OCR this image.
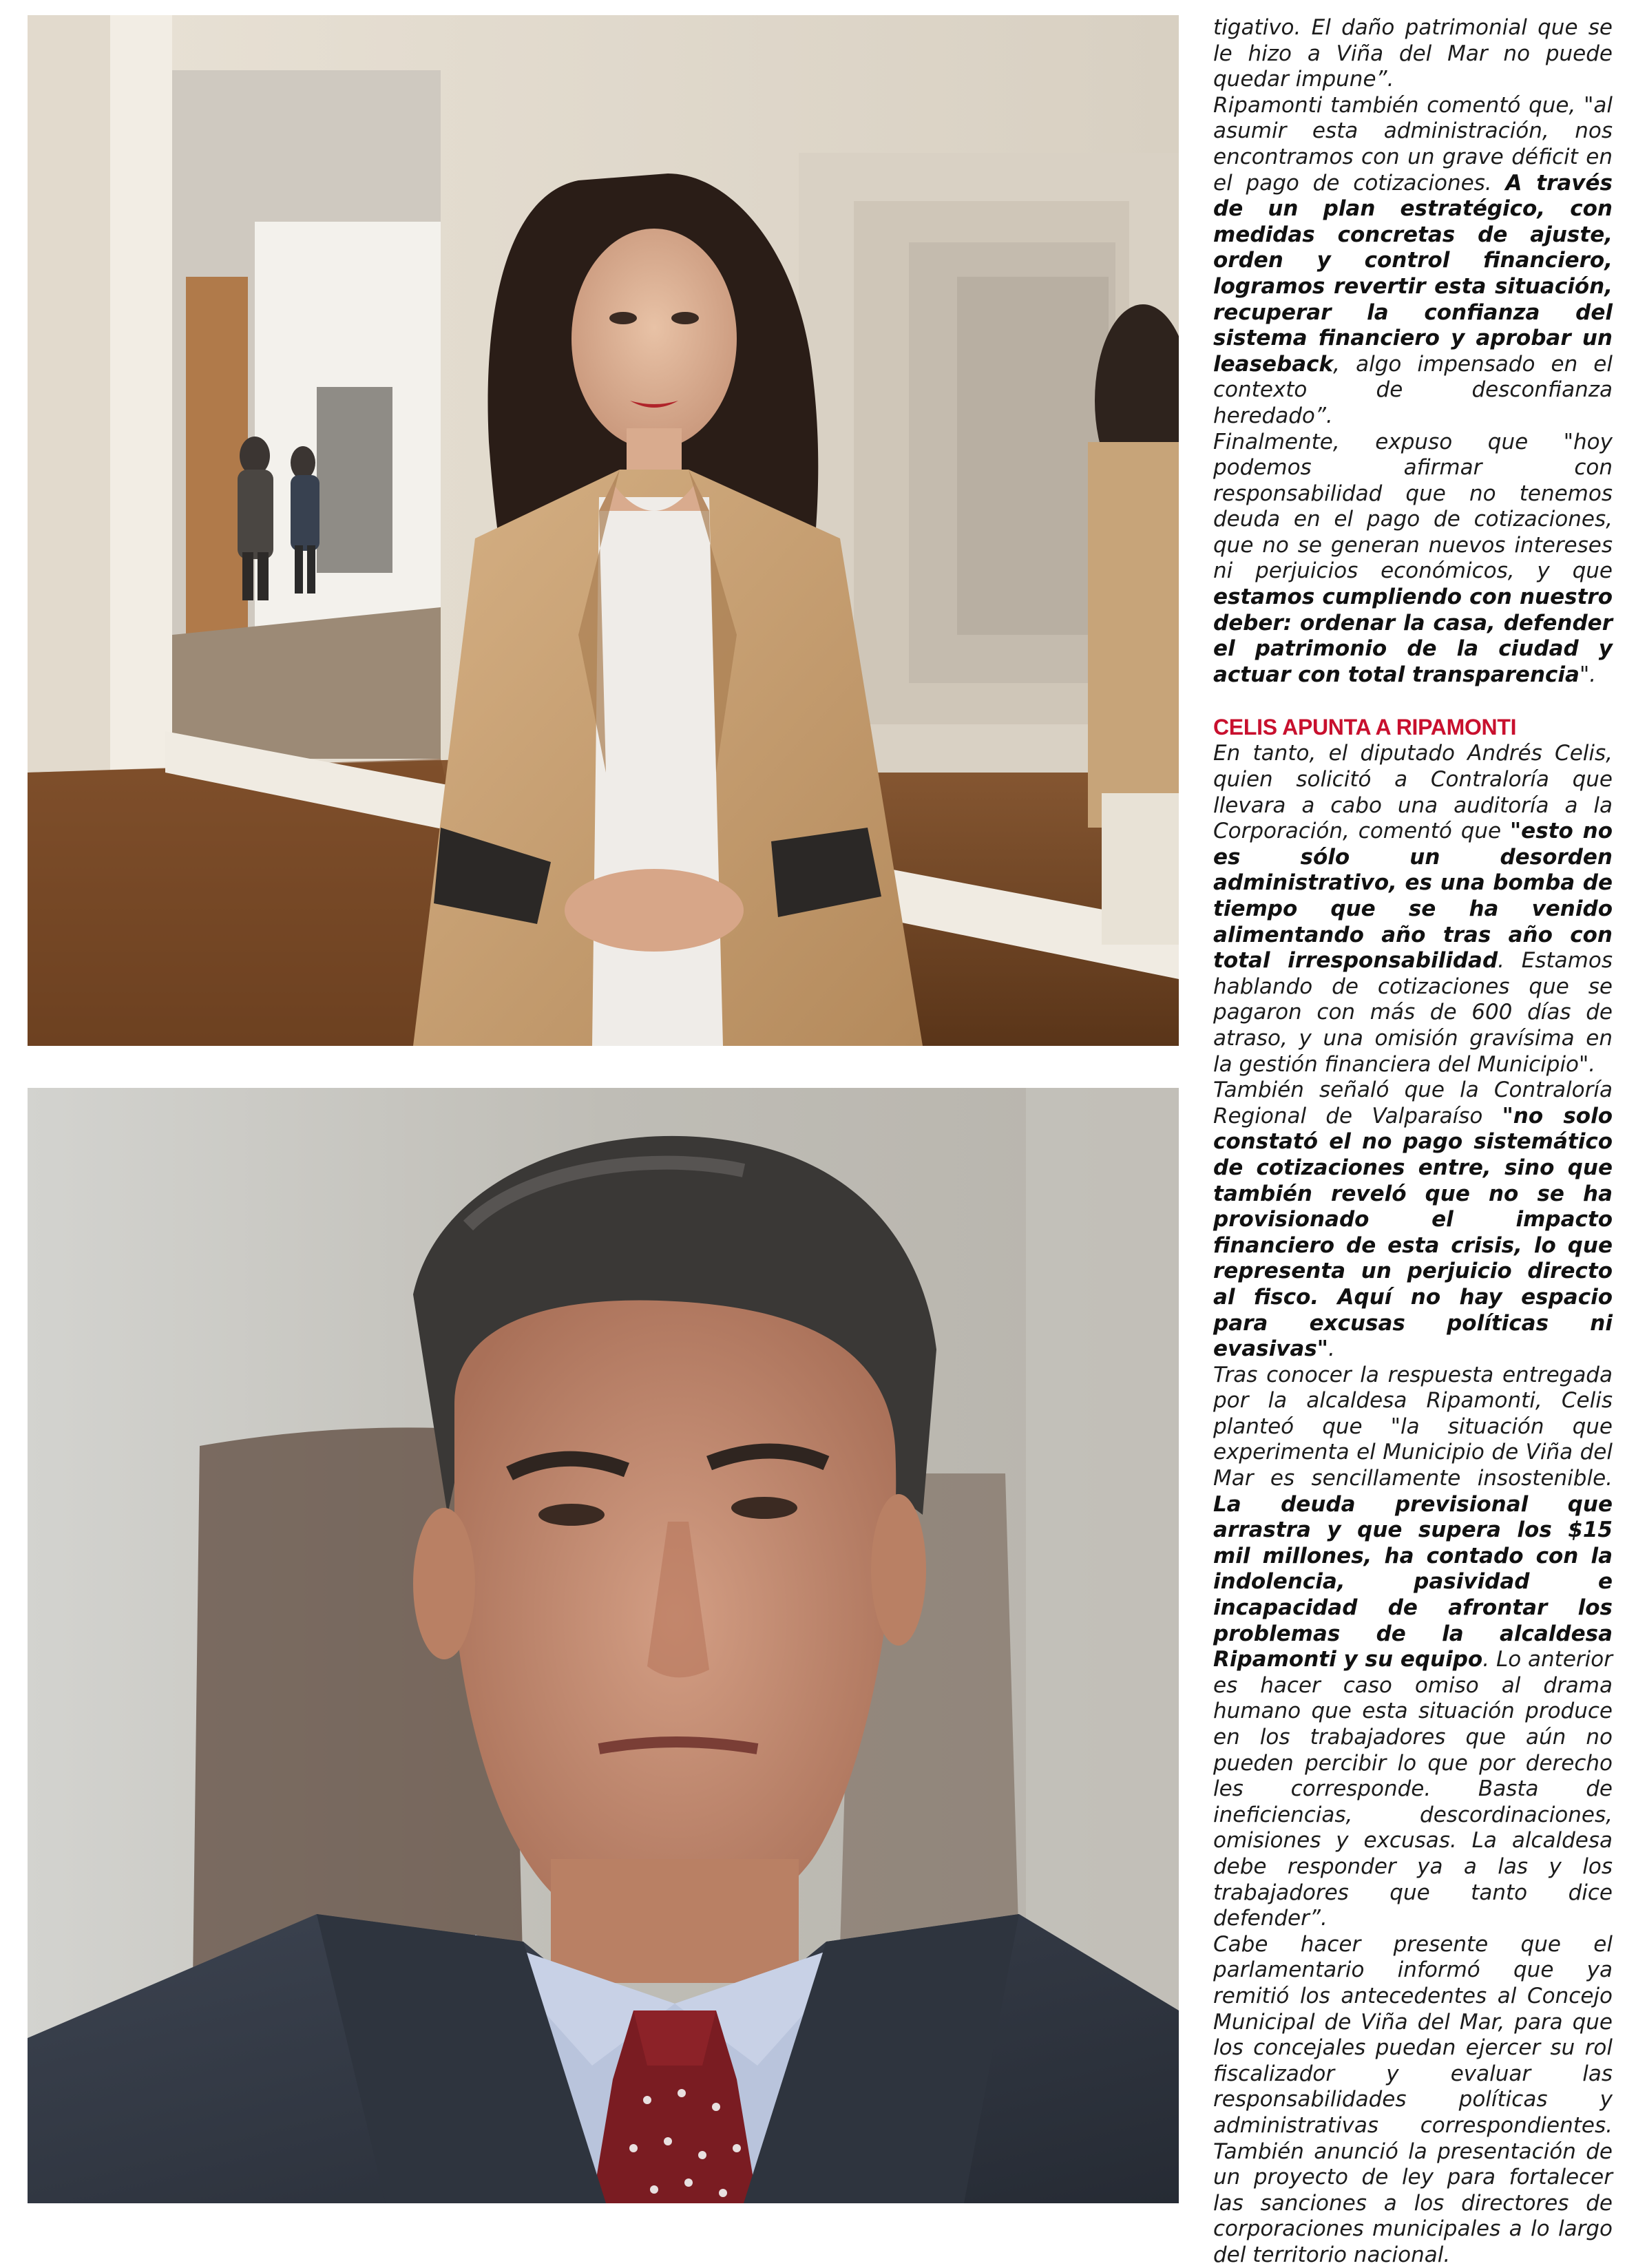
tigativo. El daño patrimonial que se le hizo a Viña del Mar no puede quedar impune”.

Ripamonti también comentó que, "al asumir esta administración, nos encontramos con un grave déficit en el pago de cotizaciones. A través de un plan estratégico, con medidas concretas de ajuste, orden y control financiero, logramos revertir esta situación, recuperar la confianza del sistema financiero y aprobar un leaseback, algo impensado en el contexto de desconfianza heredado”.

Finalmente, expuso que "hoy podemos afirmar con responsabilidad que no tenemos deuda en el pago de cotizaciones, que no se generan nuevos intereses ni perjuicios económicos, y que estamos cumpliendo con nuestro deber: ordenar la casa, defender el patrimonio de la ciudad y actuar con total transparencia".

CELIS APUNTA A RIPAMONTI

En tanto, el diputado Andrés Celis, quien solicitó a Contraloría que llevara a cabo una auditoría a la Corporación, comentó que "esto no es sólo un desorden administrativo, es una bomba de tiempo que se ha venido alimentando año tras año con total irresponsabilidad. Estamos hablando de cotizaciones que se pagaron con más de 600 días de atraso, y una omisión gravísima en la gestión financiera del Municipio".

También señaló que la Contraloría Regional de Valparaíso "no solo constató el no pago sistemático de cotizaciones entre, sino que también reveló que no se ha provisionado el impacto financiero de esta crisis, lo que representa un perjuicio directo al fisco. Aquí no hay espacio para excusas políticas ni evasivas".

Tras conocer la respuesta entregada por la alcaldesa Ripamonti, Celis planteó que "la situación que experimenta el Municipio de Viña del Mar es sencillamente insostenible. La deuda previsional que arrastra y que supera los $15 mil millones, ha contado con la indolencia, pasividad e incapacidad de afrontar los problemas de la alcaldesa Ripamonti y su equipo. Lo anterior es hacer caso omiso al drama humano que esta situación produce en los trabajadores que aún no pueden percibir lo que por derecho les corresponde. Basta de ineficiencias, descordinaciones, omisiones y excusas. La alcaldesa debe responder ya a las y los trabajadores que tanto dice defender”.

Cabe hacer presente que el parlamentario informó que ya remitió los antecedentes al Concejo Municipal de Viña del Mar, para que los concejales puedan ejercer su rol fiscalizador y evaluar las responsabilidades políticas y administrativas correspondientes. También anunció la presentación de un proyecto de ley para fortalecer las sanciones a los directores de corporaciones municipales a lo largo del territorio nacional.
